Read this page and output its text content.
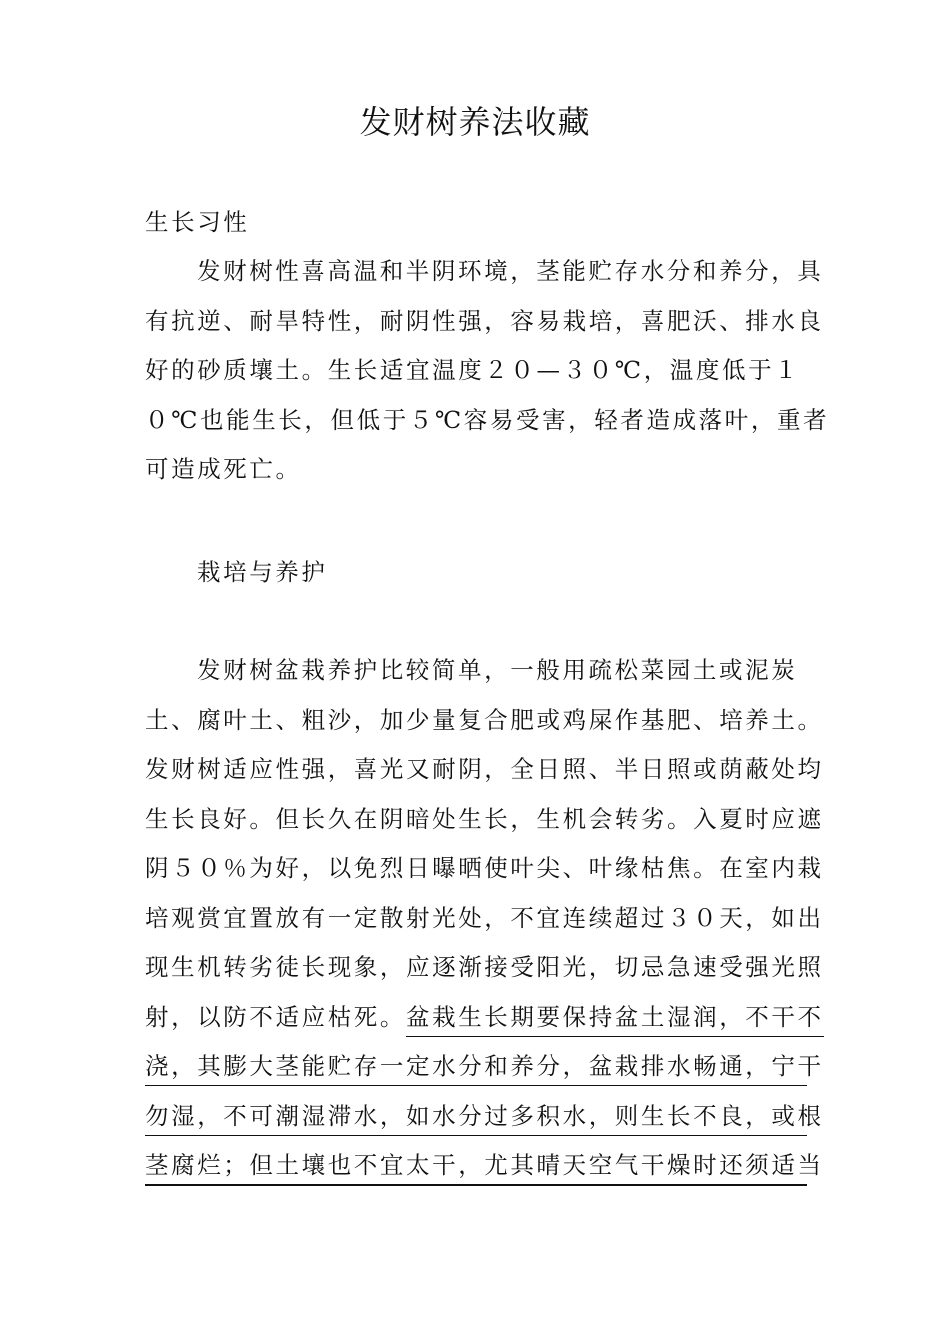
发财树养法收藏
生长习性
发财树性喜高温和半阴环境，茎能贮存水分和养分，具
有抗逆、耐旱特性，耐阴性强，容易栽培，喜肥沃、排水良
好的砂质壤土。生长适宜温度２０—３０℃，温度低于１
０℃也能生长，但低于５℃容易受害，轻者造成落叶，重者
可造成死亡。
栽培与养护
发财树盆栽养护比较简单，一般用疏松菜园土或泥炭
土、腐叶土、粗沙，加少量复合肥或鸡屎作基肥、培养土。
发财树适应性强，喜光又耐阴，全日照、半日照或荫蔽处均
生长良好。但长久在阴暗处生长，生机会转劣。入夏时应遮
阴５０％为好，以免烈日曝晒使叶尖、叶缘枯焦。在室内栽
培观赏宜置放有一定散射光处，不宜连续超过３０天，如出
现生机转劣徒长现象，应逐渐接受阳光，切忌急速受强光照
射，以防不适应枯死。盆栽生长期要保持盆土湿润，不干不
浇，其膨大茎能贮存一定水分和养分，盆栽排水畅通，宁干
勿湿，不可潮湿滞水，如水分过多积水，则生长不良，或根
茎腐烂；但土壤也不宜太干，尤其晴天空气干燥时还须适当
